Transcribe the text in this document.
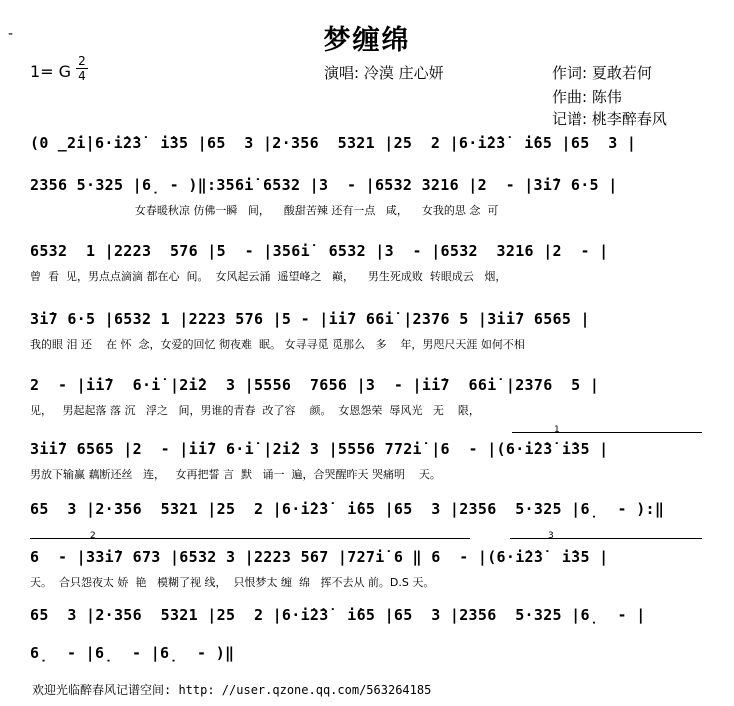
-	梦缠绵
1= G
2
4	演唱: 冷漠 庄心妍	作词: 夏敢若何
作曲: 陈伟
记谱: 桃李醉春风
(0 ̲2̇i̇|6·i̇2̇3̇  i̇35 |65  3 |2·356  5321 |25  2 |6·i̇2̇3̇  i̇65 |65  3 |
2356 5·325 |6̣ - )‖:356i̇ 6532 |3  - |6532 3216 |2  - |3i̇7 6·5 |
女春暖秋凉 仿佛一瞬   间，    酸甜苦辣 还有一点   咸，    女我的思 念  可
6532  1 |2223  576 |5  - |356i̇  6532 |3  - |6532  3216 |2  - |
曾  看  见，男点点滴滴 都在心  间。  女风起云涌  遥望峰之   巅，    男生死成败  转眼成云   烟，
3i̇7 6·5 |6532 1 |2223 576 |5 - |i̇i̇7 66i̇ |2376 5 |3i̇i̇7 6565 |
我的眼 泪 还    在 怀  念，女爱的回忆 彻夜难  眠。 女寻寻觅 觅那么   多    年，男咫尺天涯 如何不相
2  - |i̇i̇7  6·i̇ |2i̇2  3 |5556  7656 |3  - |i̇i̇7  66i̇ |2376  5 |
见，   男起起落 落 沉   浮之   间，男谁的青春  改了容    颜。  女恩怨荣  辱风光   无    限，
1
3i̇i̇7 6565 |2  - |i̇i̇7 6·i̇ |2i̇2 3 |5556 772i̇ |6  - |(6·i̇2̇3̇ i̇35 |
男放下输赢 藕断还丝   连，   女再把誓 言  默   诵一  遍，合哭醒昨天 哭痛明    天。
65  3 |2·356  5321 |25  2 |6·i̇2̇3̇  i̇65 |65  3 |2356  5·325 |6̣  - ):‖
2	3
6  - |33i̇7 673 |6532 3 |2223 567 |727i̇ 6 ‖ 6  - |(6·i̇2̇3̇  i̇35 |
天。  合只怨夜太 娇  艳   模糊了视 线，  只恨梦太 缠  绵   挥不去从 前。D.S 天。
65  3 |2·356  5321 |25  2 |6·i̇2̇3̇  i̇65 |65  3 |2356  5·325 |6̣  - |
6̣  - |6̣  - |6̣  - )‖
欢迎光临醉春风记谱空间: http: //user.qzone.qq.com/563264185
